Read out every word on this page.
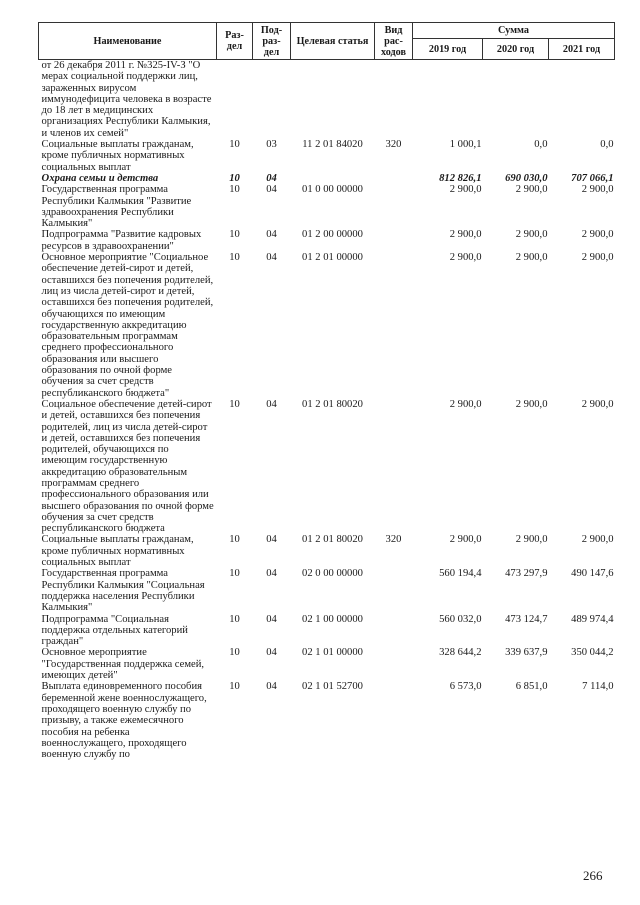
Наименование	Раз- дел	Под- раз- дел	Целевая статья	Вид рас- ходов	Сумма		
					2019 год	2020 год	2021 год
от 26 декабря 2011 г. №325-IV-З "О мерах социальной поддержки лиц, зараженных вирусом иммунодефицита человека в возрасте до 18 лет в медицинских организациях Республики Калмыкия, и членов их семей"							
Социальные выплаты гражданам, кроме публичных нормативных социальных выплат	10	03	11 2 01 84020	320	1 000,1	0,0	0,0
Охрана семьи и детства	10	04			812 826,1	690 030,0	707 066,1
Государственная программа Республики Калмыкия "Развитие здравоохранения Республики Калмыкия"	10	04	01 0 00 00000		2 900,0	2 900,0	2 900,0
Подпрограмма "Развитие кадровых ресурсов в здравоохранении"	10	04	01 2 00 00000		2 900,0	2 900,0	2 900,0
Основное мероприятие "Социальное обеспечение детей-сирот и детей, оставшихся без попечения родителей, лиц из числа детей-сирот и детей, оставшихся без попечения родителей, обучающихся по имеющим государственную аккредитацию образовательным программам среднего профессионального образования или высшего образования по очной форме обучения за счет средств республиканского бюджета"	10	04	01 2 01 00000		2 900,0	2 900,0	2 900,0
Социальное обеспечение детей-сирот и детей, оставшихся без попечения родителей, лиц из числа детей-сирот и детей, оставшихся без попечения родителей, обучающихся по имеющим государственную аккредитацию образовательным программам среднего профессионального образования или высшего образования по очной форме обучения за счет средств республиканского бюджета	10	04	01 2 01 80020		2 900,0	2 900,0	2 900,0
Социальные выплаты гражданам, кроме публичных нормативных социальных выплат	10	04	01 2 01 80020	320	2 900,0	2 900,0	2 900,0
Государственная программа Республики Калмыкия "Социальная поддержка населения Республики Калмыкия"	10	04	02 0 00 00000		560 194,4	473 297,9	490 147,6
Подпрограмма "Социальная поддержка отдельных категорий граждан"	10	04	02 1 00 00000		560 032,0	473 124,7	489 974,4
Основное мероприятие "Государственная поддержка семей, имеющих детей"	10	04	02 1 01 00000		328 644,2	339 637,9	350 044,2
Выплата единовременного пособия беременной жене военнослужащего, проходящего военную службу по призыву, а также ежемесячного пособия на ребенка военнослужащего, проходящего военную службу по	10	04	02 1 01 52700		6 573,0	6 851,0	7 114,0
266
